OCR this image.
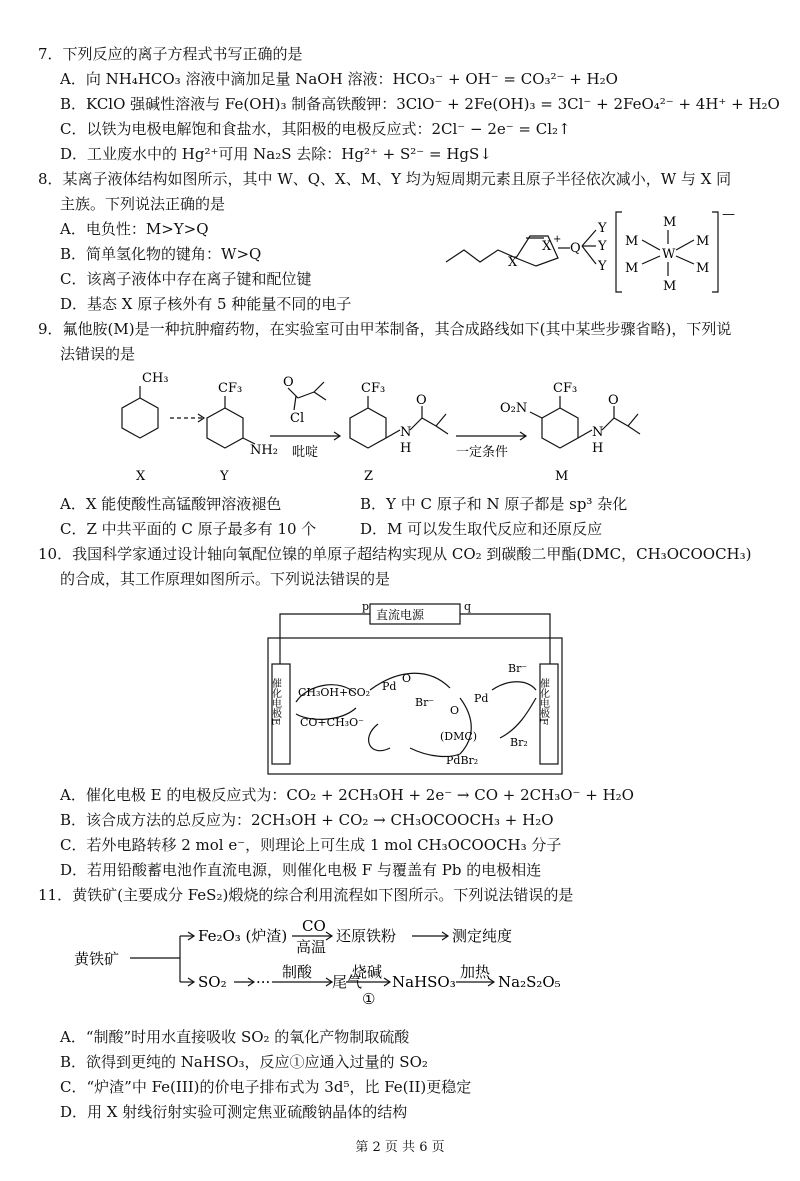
7．下列反应的离子方程式书写正确的是
A．向 NH₄HCO₃ 溶液中滴加足量 NaOH 溶液：HCO₃⁻ + OH⁻ = CO₃²⁻ + H₂O
B．KClO 强碱性溶液与 Fe(OH)₃ 制备高铁酸钾：3ClO⁻ + 2Fe(OH)₃ = 3Cl⁻ + 2FeO₄²⁻ + 4H⁺ + H₂O
C．以铁为电极电解饱和食盐水，其阳极的电极反应式：2Cl⁻ − 2e⁻ = Cl₂↑
D．工业废水中的 Hg²⁺可用 Na₂S 去除：Hg²⁺ + S²⁻ = HgS↓
8．某离子液体结构如图所示，其中 W、Q、X、M、Y 均为短周期元素且原子半径依次减小，W 与 X 同
主族。下列说法正确的是
A．电负性：M>Y>Q
B．简单氢化物的键角：W>Q
C．该离子液体中存在离子键和配位键
D．基态 X 原子核外有 5 种能量不同的电子
X
X +
Q
Y
Y
Y
M
M	M
W
M	M
M
—
9．氟他胺(M)是一种抗肿瘤药物，在实验室可由甲苯制备，其合成路线如下(其中某些步骤省略)，下列说
法错误的是
CH₃
CF₃
NH₂
Cl
O
吡啶
CF₃
N
H
O
一定条件
O₂N
CF₃
N
H
O
X	Y	Z	M
A．X 能使酸性高锰酸钾溶液褪色	B．Y 中 C 原子和 N 原子都是 sp³ 杂化
C．Z 中共平面的 C 原子最多有 10 个	D．M 可以发生取代反应和还原反应
10．我国科学家通过设计轴向氧配位镍的单原子超结构实现从 CO₂ 到碳酸二甲酯(DMC，CH₃OCOOCH₃)
的合成，其工作原理如图所示。下列说法错误的是
直流电源
p	q
催化电极E	催化电极F
CH₃OH+CO₂
CO+CH₃O⁻
O
Pd
Br⁻	Pd
O
(DMC)
PdBr₂
Br⁻
Br₂
A．催化电极 E 的电极反应式为：CO₂ + 2CH₃OH + 2e⁻ → CO + 2CH₃O⁻ + H₂O
B．该合成方法的总反应为：2CH₃OH + CO₂ → CH₃OCOOCH₃ + H₂O
C．若外电路转移 2 mol e⁻，则理论上可生成 1 mol CH₃OCOOCH₃ 分子
D．若用铅酸蓄电池作直流电源，则催化电极 F 与覆盖有 Pb 的电极相连
11．黄铁矿(主要成分 FeS₂)煅烧的综合利用流程如下图所示。下列说法错误的是
黄铁矿
Fe₂O₃ (炉渣)
CO
高温
还原铁粉	测定纯度
SO₂ ···
制酸
尾气
烧碱
①
NaHSO₃
加热
Na₂S₂O₅
A．“制酸”时用水直接吸收 SO₂ 的氧化产物制取硫酸
B．欲得到更纯的 NaHSO₃，反应①应通入过量的 SO₂
C．“炉渣”中 Fe(III)的价电子排布式为 3d⁵，比 Fe(II)更稳定
D．用 X 射线衍射实验可测定焦亚硫酸钠晶体的结构
第 2 页 共 6 页
